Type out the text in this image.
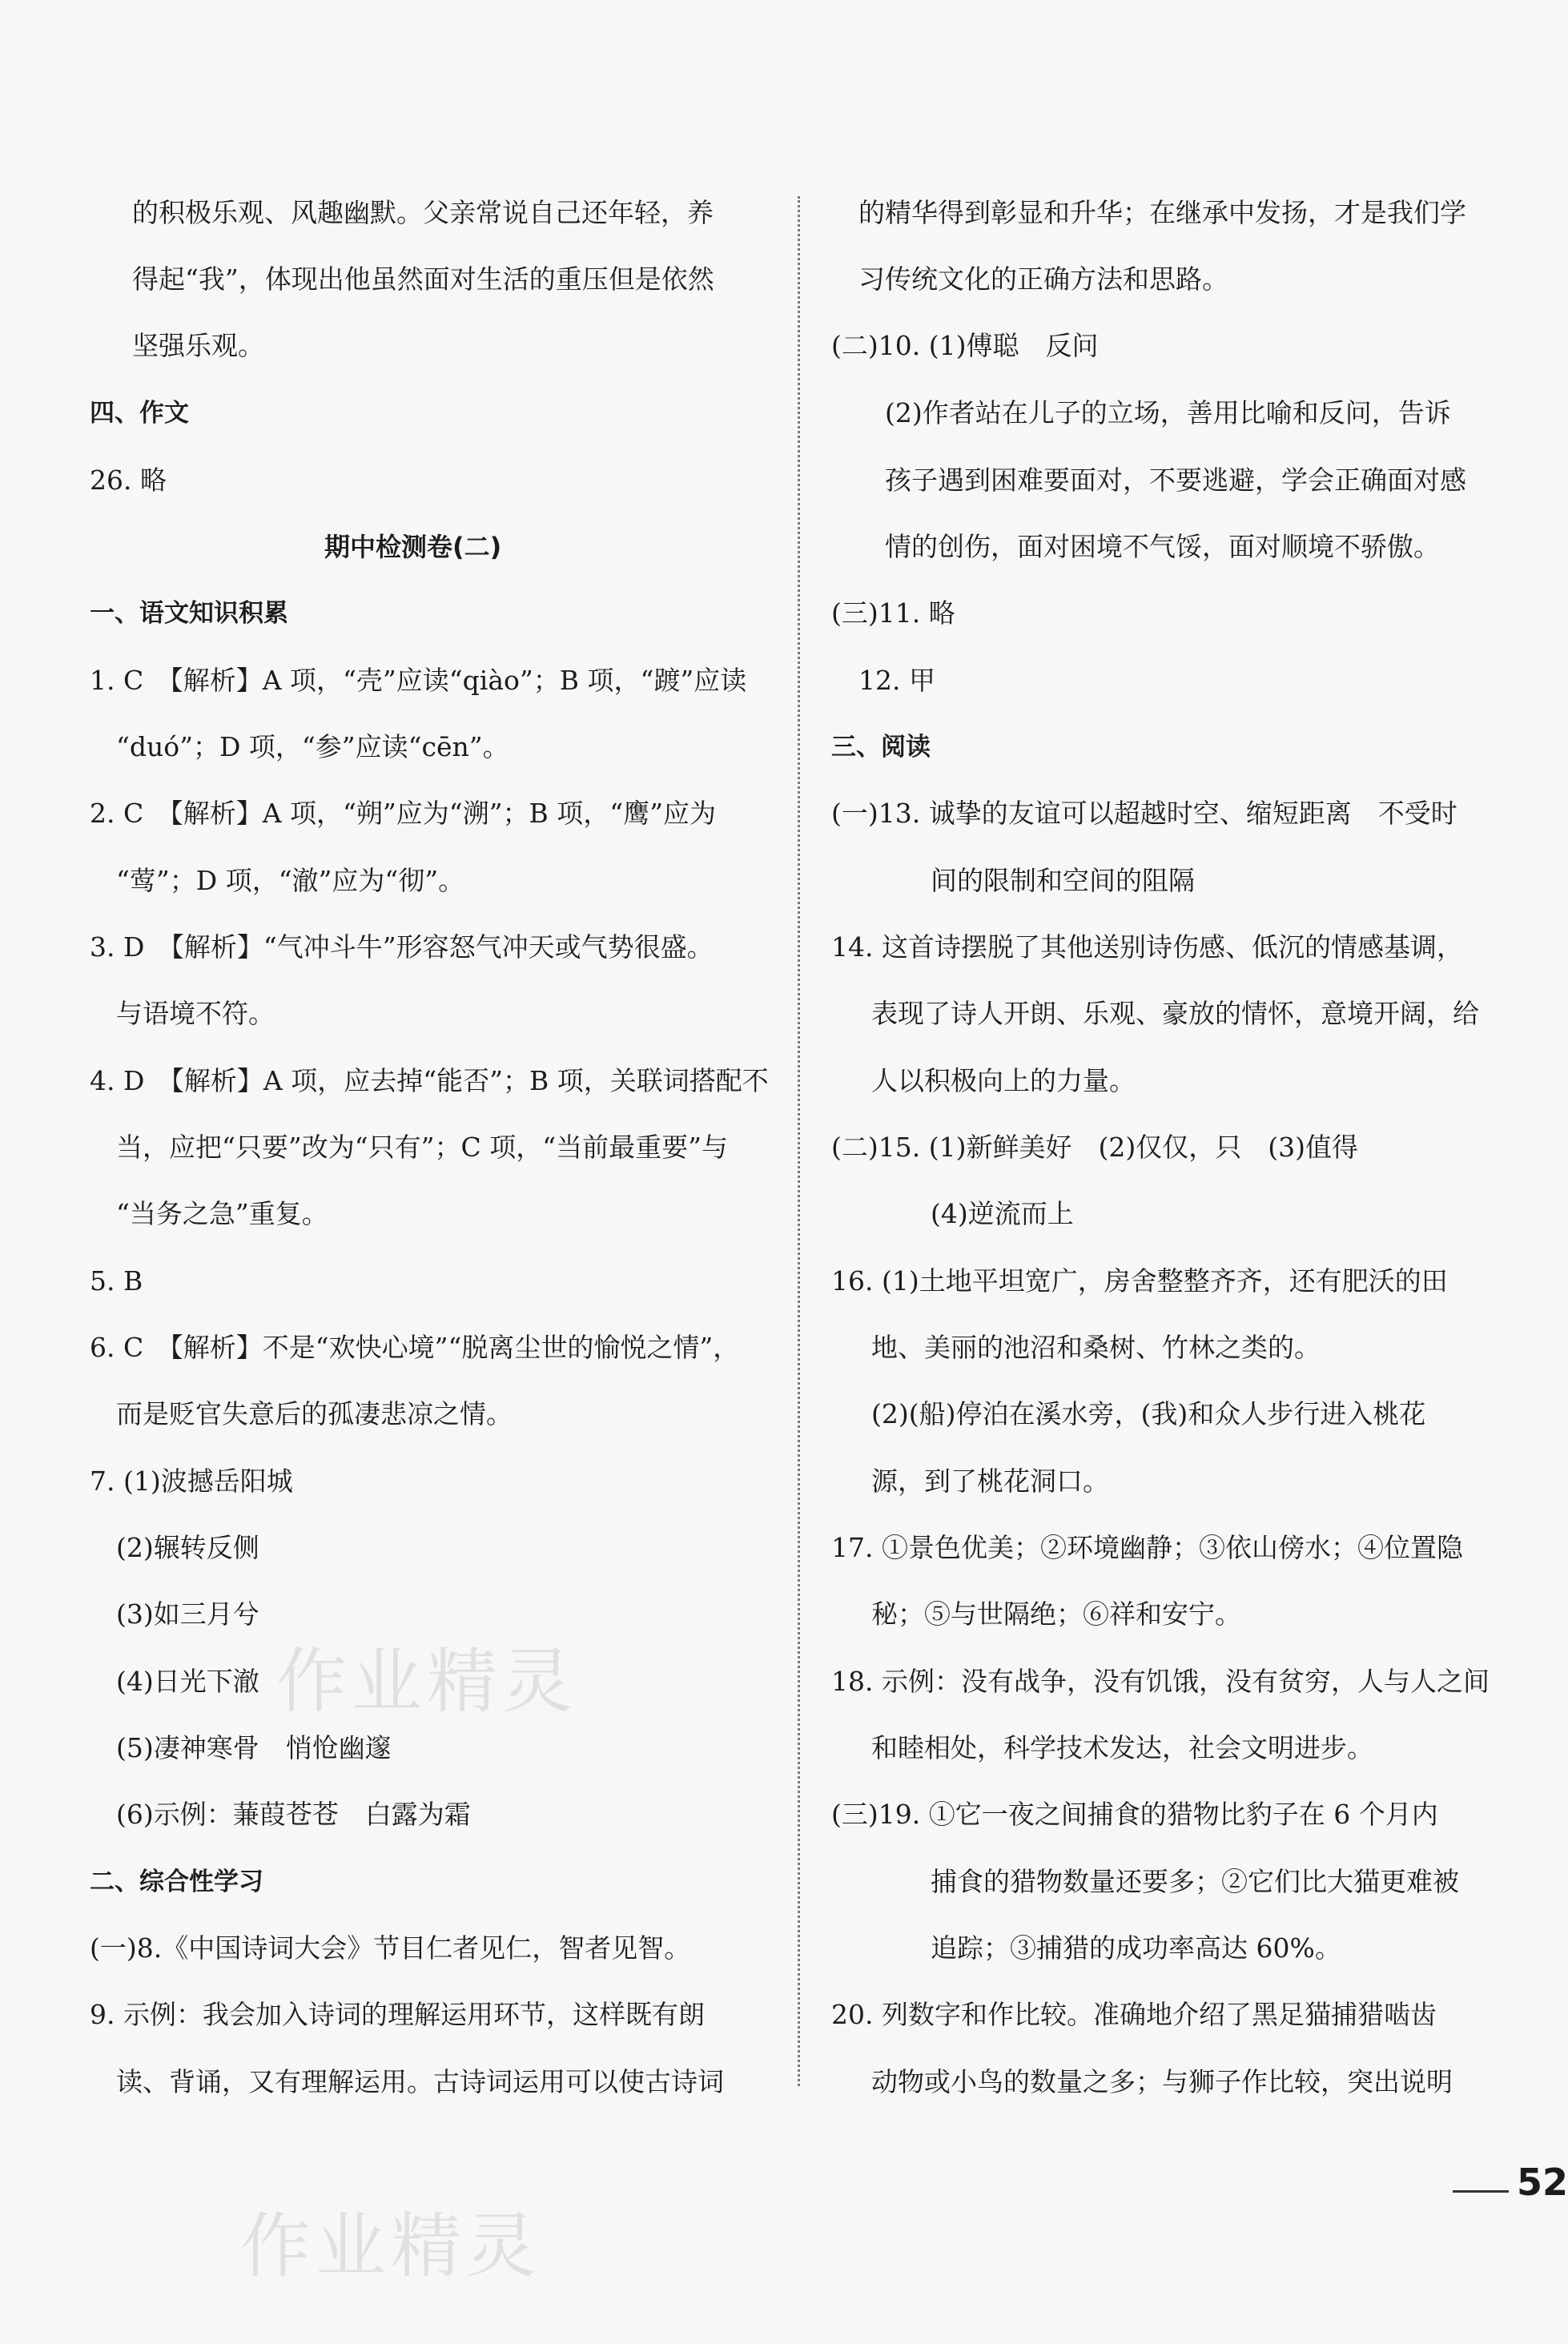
的积极乐观、风趣幽默。父亲常说自己还年轻，养
得起“我”，体现出他虽然面对生活的重压但是依然
坚强乐观。
四、作文
26. 略
期中检测卷(二)
一、语文知识积累
1. C　【解析】A 项，“壳”应读“qiào”；B 项，“踱”应读
“duó”；D 项，“参”应读“cēn”。
2. C　【解析】A 项，“朔”应为“溯”；B 项，“鹰”应为
“莺”；D 项，“澈”应为“彻”。
3. D　【解析】“气冲斗牛”形容怒气冲天或气势很盛。
与语境不符。
4. D　【解析】A 项，应去掉“能否”；B 项，关联词搭配不
当，应把“只要”改为“只有”；C 项，“当前最重要”与
“当务之急”重复。
5. B
6. C　【解析】不是“欢快心境”“脱离尘世的愉悦之情”，
而是贬官失意后的孤凄悲凉之情。
7. (1)波撼岳阳城
(2)辗转反侧
(3)如三月兮
(4)日光下澈
(5)凄神寒骨　悄怆幽邃
(6)示例：蒹葭苍苍　白露为霜
二、综合性学习
(一)8.《中国诗词大会》节目仁者见仁，智者见智。
9. 示例：我会加入诗词的理解运用环节，这样既有朗
读、背诵，又有理解运用。古诗词运用可以使古诗词
的精华得到彰显和升华；在继承中发扬，才是我们学
习传统文化的正确方法和思路。
(二)10. (1)傅聪　反问
(2)作者站在儿子的立场，善用比喻和反问，告诉
孩子遇到困难要面对，不要逃避，学会正确面对感
情的创伤，面对困境不气馁，面对顺境不骄傲。
(三)11. 略
12. 甲
三、阅读
(一)13. 诚挚的友谊可以超越时空、缩短距离　不受时
间的限制和空间的阻隔
14. 这首诗摆脱了其他送别诗伤感、低沉的情感基调，
表现了诗人开朗、乐观、豪放的情怀，意境开阔，给
人以积极向上的力量。
(二)15. (1)新鲜美好　(2)仅仅，只　(3)值得
(4)逆流而上
16. (1)土地平坦宽广，房舍整整齐齐，还有肥沃的田
地、美丽的池沼和桑树、竹林之类的。
(2)(船)停泊在溪水旁，(我)和众人步行进入桃花
源，到了桃花洞口。
17. ①景色优美；②环境幽静；③依山傍水；④位置隐
秘；⑤与世隔绝；⑥祥和安宁。
18. 示例：没有战争，没有饥饿，没有贫穷，人与人之间
和睦相处，科学技术发达，社会文明进步。
(三)19. ①它一夜之间捕食的猎物比豹子在 6 个月内
捕食的猎物数量还要多；②它们比大猫更难被
追踪；③捕猎的成功率高达 60%。
20. 列数字和作比较。准确地介绍了黑足猫捕猎啮齿
动物或小鸟的数量之多；与狮子作比较，突出说明
作业精灵
作业精灵
52
